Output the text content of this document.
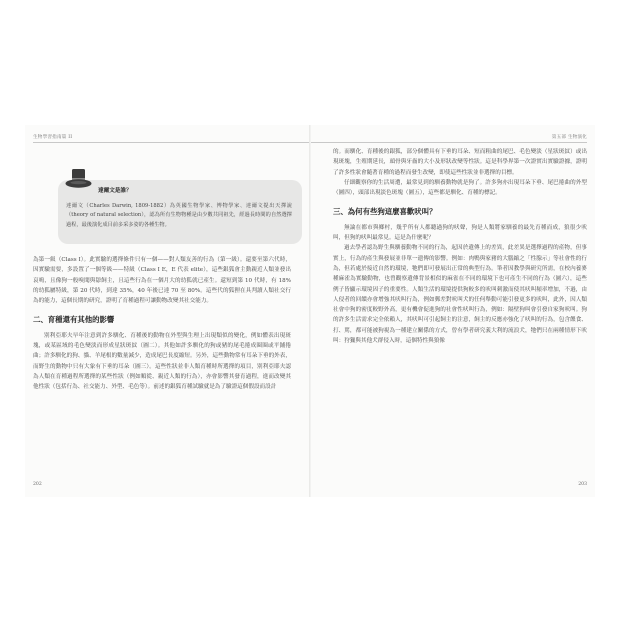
生物學習指南篇 II
達爾文是誰？
達爾文（Charles Darwin, 1809-1882）為英國生物學家、博物學家、達爾文提出天擇說（theory of natural selection），認為所有生物物種是由少數共同祖先，經過長時間的自然選擇過程，最後演化成目前多采多姿的各種生物。

為第一級（Class Ⅰ）。此實驗的選擇條件只有一個——對人類友善的行為（第一級）。還要至第六代時，因實驗需要，多設置了一個等級——特級（Class Ⅰ E，E 代表 elite），這些銀狐會主動親近人類並發出哀鳴，且像狗一般嗅聞與舔飼主，且這些行為在一個月大的幼狐就已產生。還短到第 10 代時，有 18% 的幼狐屬特級，第 20 代時，到達 35%，40 年後已達 70 至 80%。這些代的狐狸在具判讀人類社交行為的能力，這個長期的研究，證明了育種過程可讓動物改變其社交能力。

二、育種還有其他的影響

別利亞耶夫早年注意到許多馴化、育種後的動物在外型與生理上出現類似的變化，例如體表出現斑塊，或某區域的毛色變淡而形成星狀斑紋（圖二）。其他如許多馴化的狗或豬的尾毛捲成圈圈或平鋪捲曲；許多馴化的狗、貓、羊尾根的數量減少，造成尾巴長度縮短。另外，這些動物常有耳朵下垂的外表，而野生的動物中只有大象有下垂的耳朵（圖三）。這些性狀並非人類育種時所選擇的項目，別利亞耶夫認為人類在育種過程所選擇的某些性狀（例如順從、親近人類的行為），亦會影響其發育過程，進而改變其他性狀（包括行為、社交能力、外型、毛色等）。前述的銀狐育種試驗就是為了驗證這個假設而設計

202
第五部 生物演化

的。而馴化、育種後的銀狐，部分個體具有下垂的耳朵、短而粗曲的尾巴、毛色變淡（星狀斑紋）或出現斑塊，生殖期延長，頭骨與牙齒的大小及形狀改變等性狀。這是科學界第一次證實出實驗證據，證明了許多性狀會隨著育種的過程而發生改變，即使這些性狀並非選擇的目標。

仔細觀察你的生活周遭，最常見到的馴養動物就是狗了。許多狗亦出現耳朵下垂、尾巴捲曲的外型（圖四），頭部出現淡色斑塊（圖五），這些都是馴化、育種的標記。

三、為何有些狗這麼喜歡吠叫？

無論在都市與鄉村，幾乎所有人都聽過狗的吠聲，狗是人類將家馴養的最先育種而成，狼很少吠叫，但狗的吠叫最常見。這是為什麼呢？

過去學者認為野生與馴養動物不同的行為，起因於遺傳上的差異，此差異是選擇過程的產物，但事實上，行為的產生與發展並非單一遺傳的影響。例如：肉鴨與家豬的大腦縮之「性腺示」等社會性的行為，但若處於接近自然的環境，牠們即可發展出正常的典型行為。筆者因教學與研究所需，在校內養麥種麻雀為實驗動物，也曾觀察遺傳背景相似的麻雀在不同的環境下也可產生不同的行為（圖六），這些例子皆顯示環境因子的重要性。人類生活的環境提供狗較多的吠叫刺激而使其吠叫頻率增加，不過，由人侵者的回饋亦會增強其吠叫行為，例如郵差對吠叫犬的任何舉動可能引發更多的吠叫，此外，因人類社會中狗的密度較野外高，更有機會促進狗的社會性吠叫行為，例如：隔壁狗叫會引發自家狗吠叫。狗的許多生活需求完全依賴人，其吠叫可引起飼主的注意，飼主的反應亦強化了吠叫的行為，包含餵食、打、罵，都可能被狗視為一種建立關係的方式，曾有學者研究義大利的流浪犬，牠們只在兩種情形下吠叫：狩獵與其他犬群侵入時，這個特性與狼像

203
